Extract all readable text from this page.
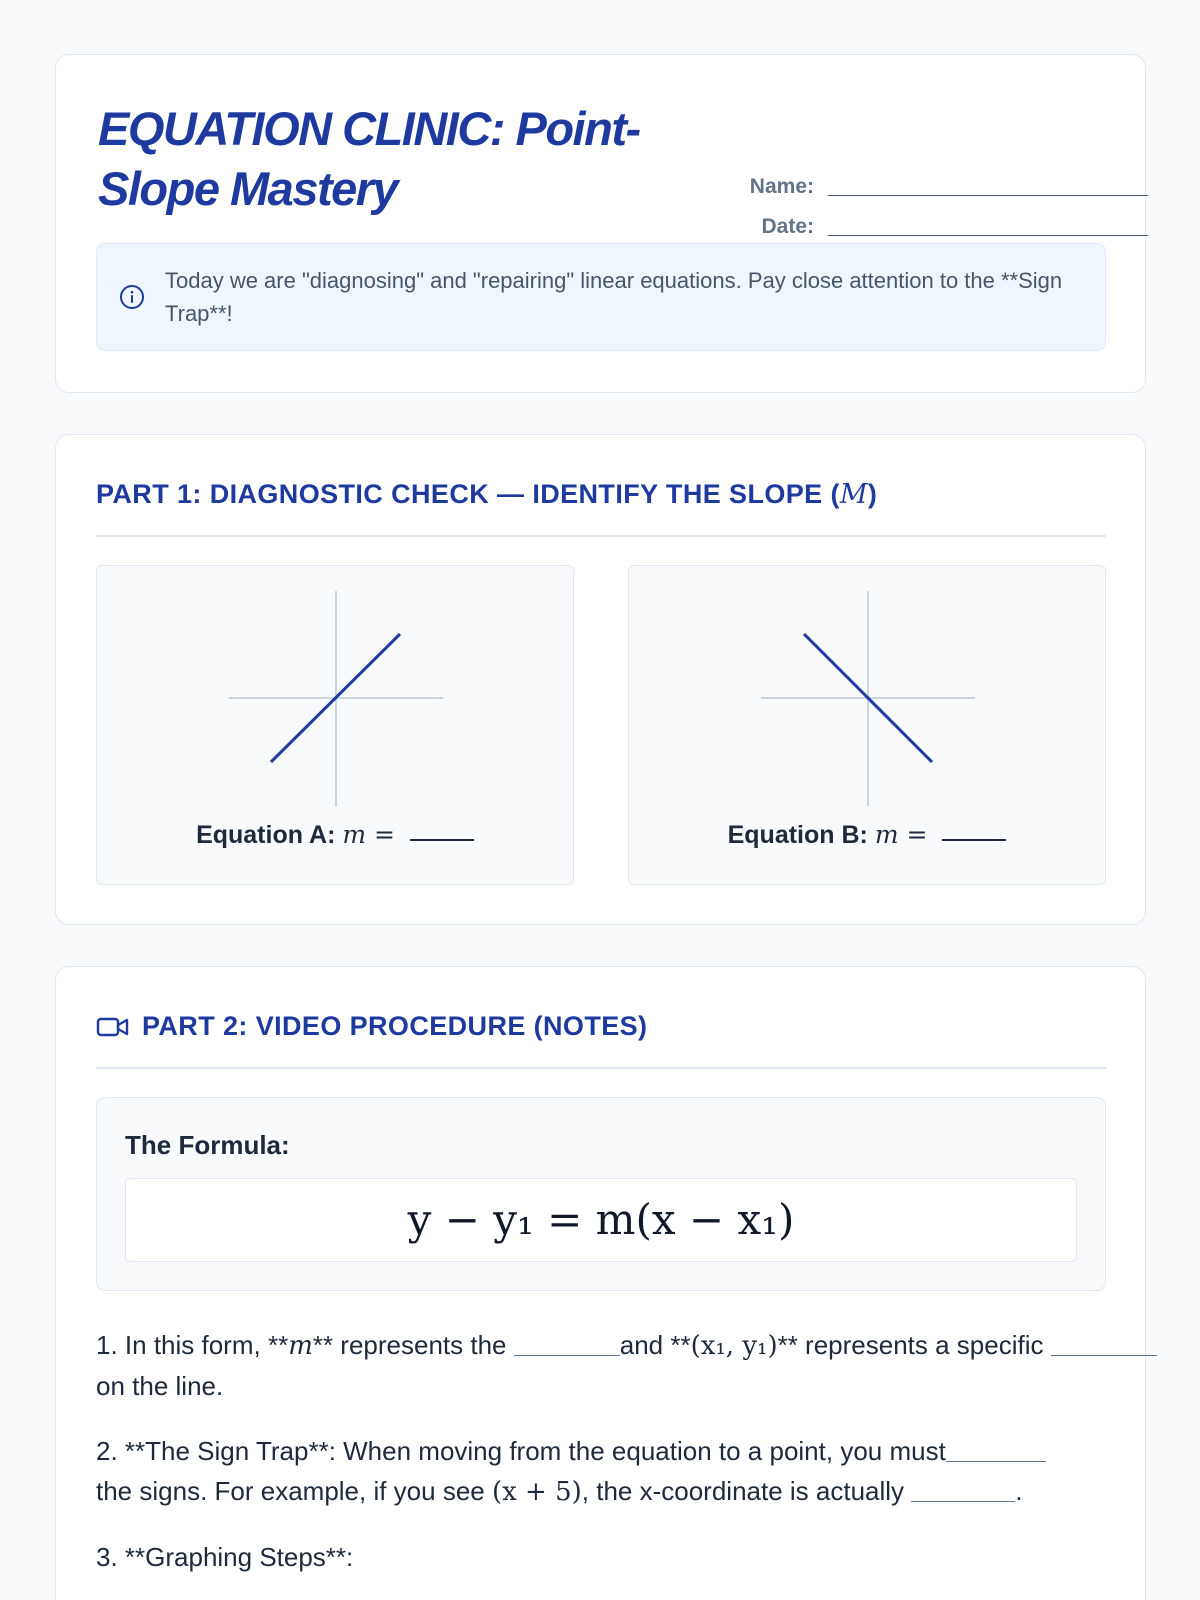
EQUATION CLINIC: Point-Slope Mastery	Name:
Date:
Today we are "diagnosing" and "repairing" linear equations. Pay close attention to the **Sign Trap**!
PART 1: DIAGNOSTIC CHECK — IDENTIFY THE SLOPE ( M )
Equation A: m =	Equation B: m =
PART 2: VIDEO PROCEDURE (NOTES)
The Formula:
y − y₁ = m(x − x₁)
1. In this form, **m** represents the	and **(x₁, y₁)** represents a specific on the line.
2. **The Sign Trap**: When moving from the equation to a point, you must
the signs. For example, if you see (x + 5), the x-coordinate is actually	.
3. **Graphing Steps**:
